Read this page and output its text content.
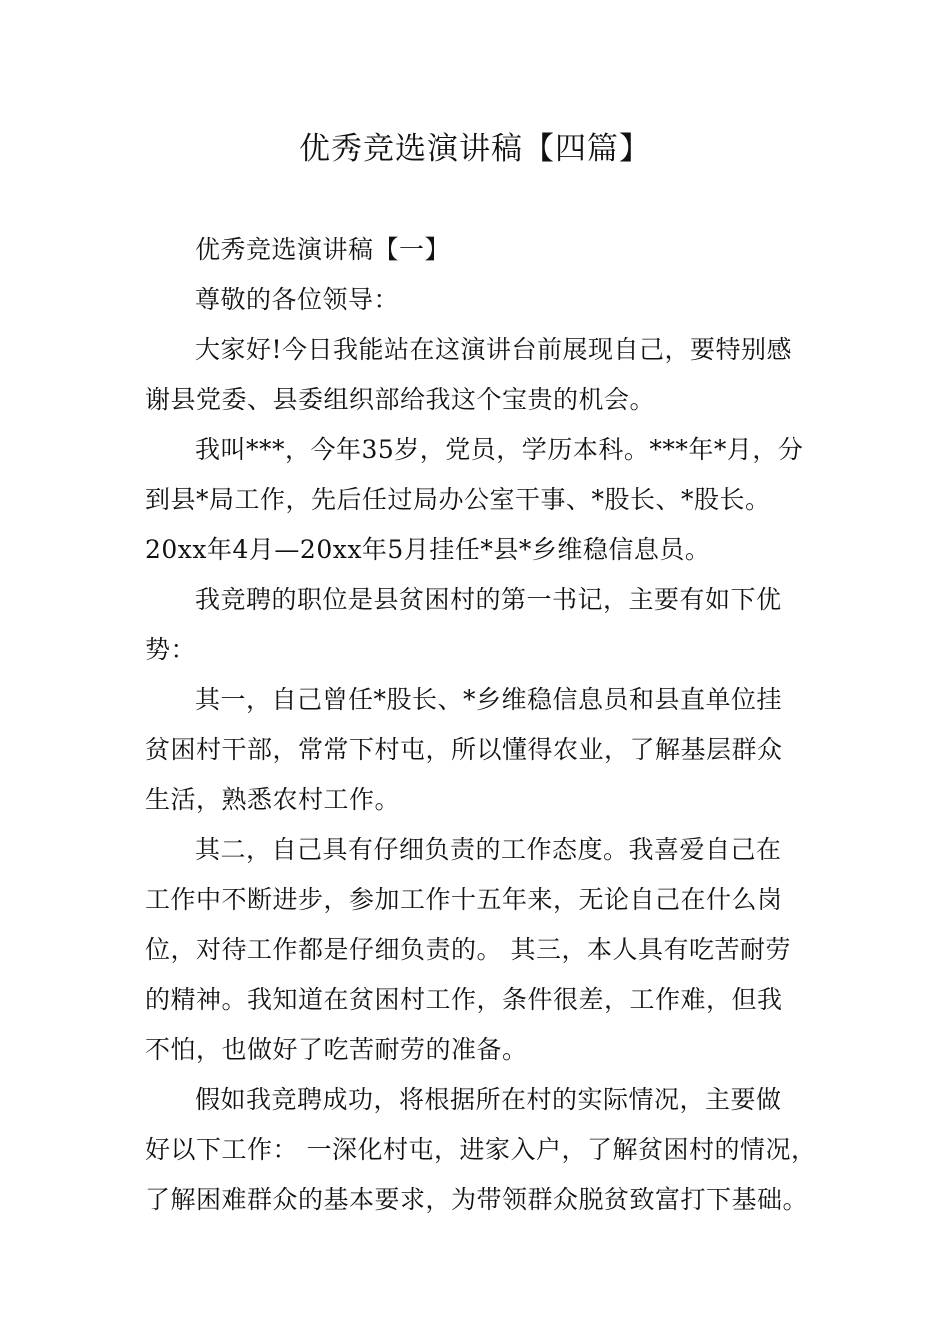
优秀竞选演讲稿【四篇】
优秀竞选演讲稿【一】
尊敬的各位领导：
大家好!今日我能站在这演讲台前展现自己，要特别感
谢县党委、县委组织部给我这个宝贵的机会。
我叫***，今年35岁，党员，学历本科。***年*月，分
到县*局工作，先后任过局办公室干事、*股长、*股长。
20xx年4月—20xx年5月挂任*县*乡维稳信息员。
我竞聘的职位是县贫困村的第一书记，主要有如下优
势：
其一，自己曾任*股长、*乡维稳信息员和县直单位挂
贫困村干部，常常下村屯，所以懂得农业，了解基层群众
生活，熟悉农村工作。
其二，自己具有仔细负责的工作态度。我喜爱自己在
工作中不断进步，参加工作十五年来，无论自己在什么岗
位，对待工作都是仔细负责的。 其三，本人具有吃苦耐劳
的精神。我知道在贫困村工作，条件很差，工作难，但我
不怕，也做好了吃苦耐劳的准备。
假如我竞聘成功，将根据所在村的实际情况，主要做
好以下工作： 一深化村屯，进家入户，了解贫困村的情况，
了解困难群众的基本要求，为带领群众脱贫致富打下基础。
